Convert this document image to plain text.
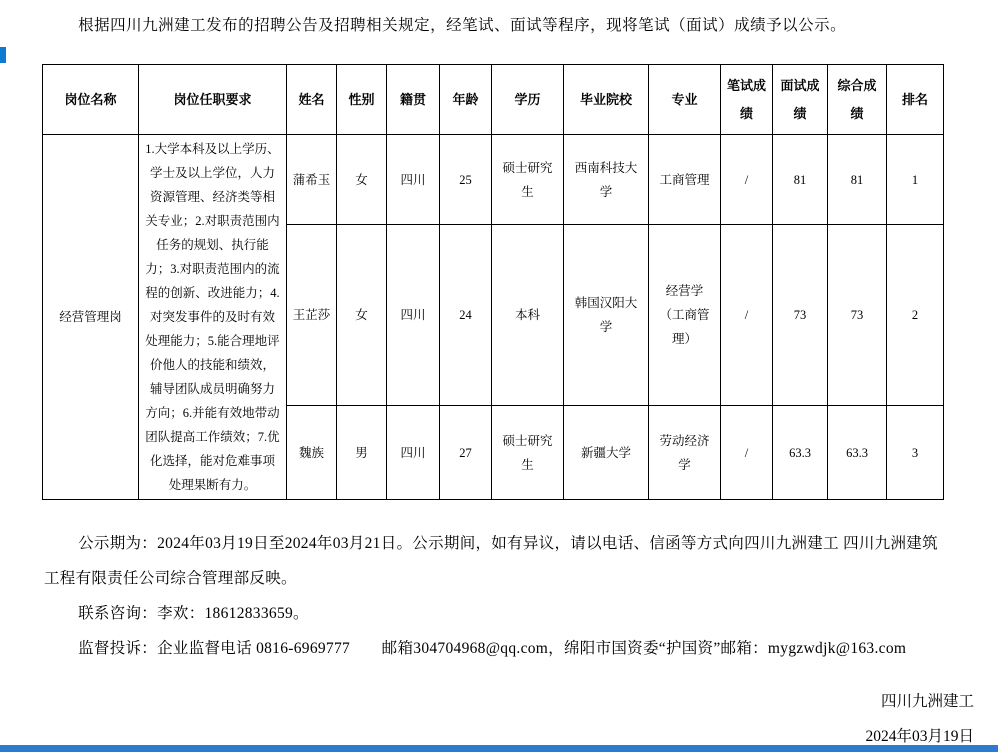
根据四川九洲建工发布的招聘公告及招聘相关规定，经笔试、面试等程序，现将笔试（面试）成绩予以公示。

岗位名称	岗位任职要求	姓名	性别	籍贯	年龄	学历	毕业院校	专业	笔试成绩	面试成绩	综合成绩	排名
经营管理岗	1.大学本科及以上学历、学士及以上学位，人力资源管理、经济类等相关专业；2.对职责范围内任务的规划、执行能力；3.对职责范围内的流程的创新、改进能力；4.对突发事件的及时有效处理能力；5.能合理地评价他人的技能和绩效，辅导团队成员明确努力方向；6.并能有效地带动团队提高工作绩效；7.优化选择，能对危难事项处理果断有力。	蒲希玉	女	四川	25	硕士研究生	西南科技大学	工商管理	/	81	81	1
		王芷莎	女	四川	24	本科	韩国汉阳大学	经营学（工商管理）	/	73	73	2
		魏族	男	四川	27	硕士研究生	新疆大学	劳动经济学	/	63.3	63.3	3

公示期为：2024年03月19日至2024年03月21日。公示期间，如有异议，请以电话、信函等方式向四川九洲建工 四川九洲建筑工程有限责任公司综合管理部反映。

联系咨询：李欢：18612833659。

监督投诉：企业监督电话 0816-6969777　　邮箱304704968@qq.com，绵阳市国资委“护国资”邮箱：mygzwdjk@163.com

四川九洲建工

2024年03月19日
